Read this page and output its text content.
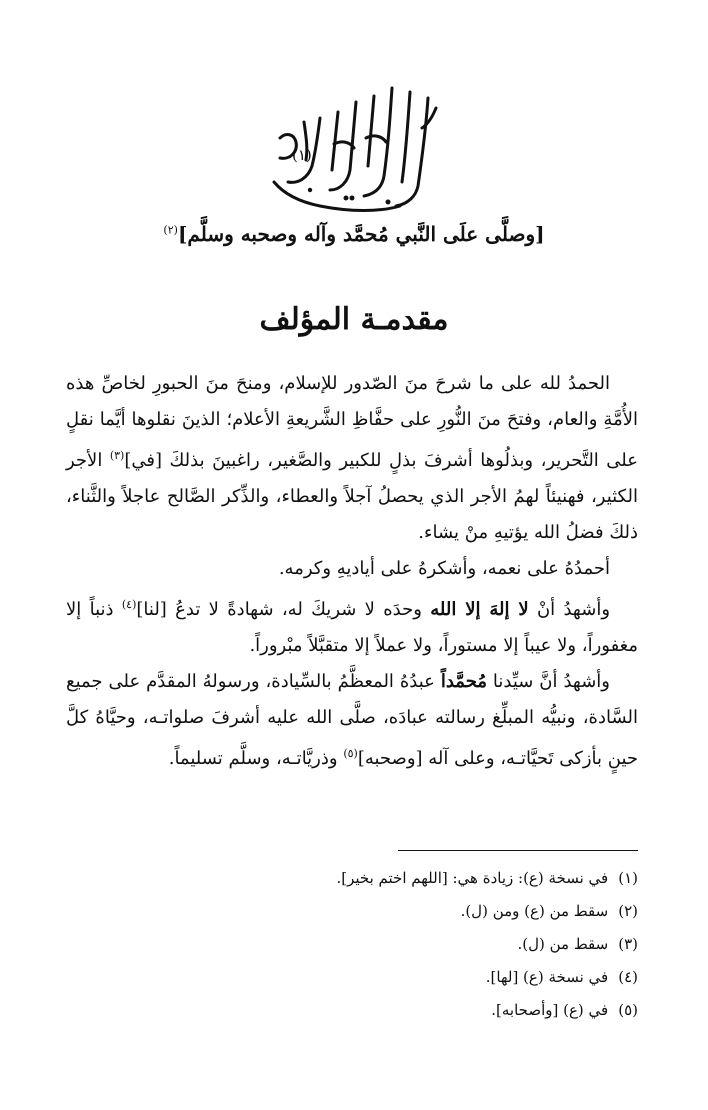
(١)
[وصلَّى علَى النَّبي مُحمَّد وآله وصحبه وسلَّم]$^{(٢)}$
مقدمـة المؤلف

الحمدُ لله على ما شرحَ منَ الصّدور للإسلام، ومنحَ منَ الحبورِ لخاصِّ هذه الأُمَّةِ والعام، وفتحَ منَ النُّورِ على حفَّاظِ الشَّريعةِ الأعلام؛ الذينَ نقلوها أيَّما نقلٍ على التَّحرير، وبذلُوها أشرفَ بذلٍ للكبير والصَّغير، راغبينَ بذلكَ [في]$^{(٣)}$ الأجر الكثير، فهنيئاً لهمُ الأجر الذي يحصلُ آجلاً والعطاء، والذِّكر الصَّالح عاجلاً والثَّناء، ذلكَ فضلُ الله يؤتيهِ منْ يشاء.

أحمدُهُ على نعمه، وأشكرهُ على أياديهِ وكرمه.

وأشهدُ أنْ لا إلهَ إلا الله وحدَه لا شريكَ له، شهادةً لا تدعُ [لنا]$^{(٤)}$ ذنباً إلا مغفوراً، ولا عيباً إلا مستوراً، ولا عملاً إلا متقبَّلاً مبْروراً.

وأشهدُ أنَّ سيِّدنا مُحمَّداً عبدُهُ المعظَّمُ بالسِّيادة، ورسولهُ المقدَّم على جميع السَّادة، ونبيُّه المبلِّغ رسالته عبادَه، صلَّى الله عليه أشرفَ صلواتـه، وحيَّاهُ كلَّ حينٍ بأزكى تَحيَّاتـه، وعلى آله [وصحبه]$^{(٥)}$ وذريَّاتـه، وسلَّم تسليماً.

(١)في نسخة (ع): زيادة هي: [اللهم اختم بخير].
(٢)سقط من (ع) ومن (ل).
(٣)سقط من (ل).
(٤)في نسخة (ع) [لها].
(٥)في (ع) [وأصحابه].
